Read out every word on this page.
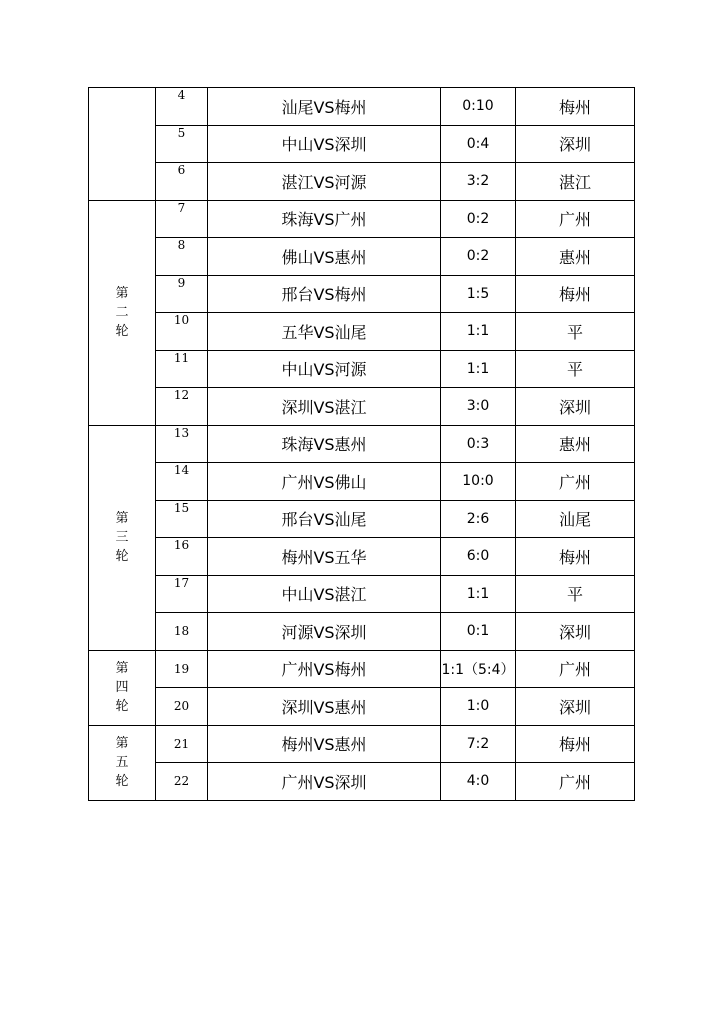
	4	汕尾VS梅州	0:10	梅州
	5	中山VS深圳	0:4	深圳
	6	湛江VS河源	3:2	湛江
第二轮	7	珠海VS广州	0:2	广州
	8	佛山VS惠州	0:2	惠州
	9	邢台VS梅州	1:5	梅州
	10	五华VS汕尾	1:1	平
	11	中山VS河源	1:1	平
	12	深圳VS湛江	3:0	深圳
第三轮	13	珠海VS惠州	0:3	惠州
	14	广州VS佛山	10:0	广州
	15	邢台VS汕尾	2:6	汕尾
	16	梅州VS五华	6:0	梅州
	17	中山VS湛江	1:1	平
	18	河源VS深圳	0:1	深圳
第四轮	19	广州VS梅州	1:1（5:4）	广州
	20	深圳VS惠州	1:0	深圳
第五轮	21	梅州VS惠州	7:2	梅州
	22	广州VS深圳	4:0	广州
